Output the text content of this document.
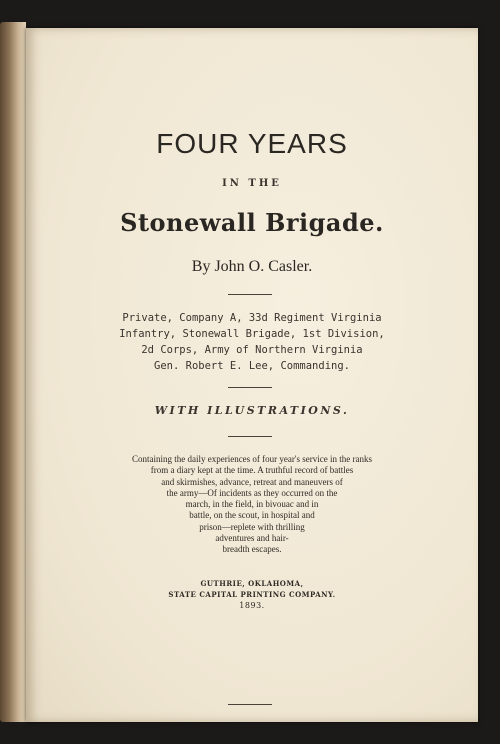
FOUR YEARS
IN THE
Stonewall Brigade.
By John O. Casler.
Private, Company A, 33d Regiment Virginia
Infantry, Stonewall Brigade, 1st Division,
2d Corps, Army of Northern Virginia
Gen. Robert E. Lee, Commanding.
WITH ILLUSTRATIONS.
Containing the daily experiences of four year's service in the ranks
from a diary kept at the time. A truthful record of battles
and skirmishes, advance, retreat and maneuvers of
the army—Of incidents as they occurred on the
march, in the field, in bivouac and in
battle, on the scout, in hospital and
prison—replete with thrilling
adventures and hair-
breadth escapes.
GUTHRIE, OKLAHOMA,
STATE CAPITAL PRINTING COMPANY.
1893.
